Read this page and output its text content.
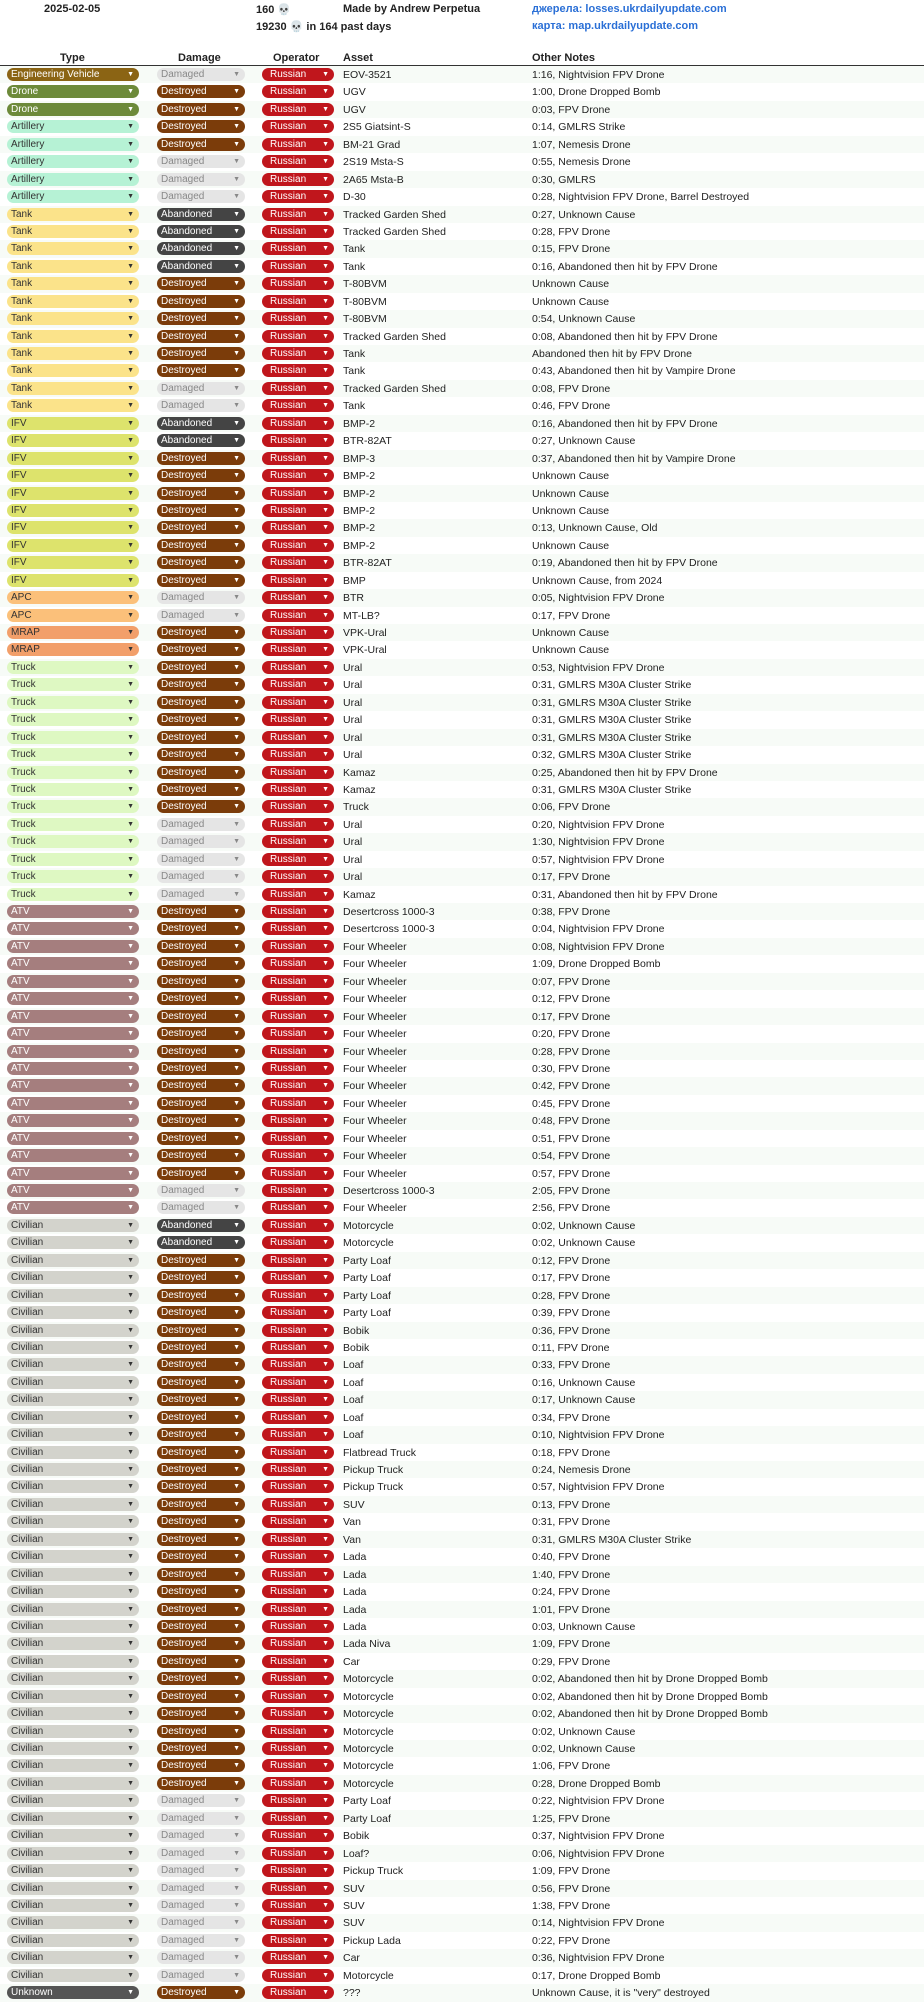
2025-02-05	160 💀	Made by Andrew Perpetua
19230 💀 in 164 past days
джерела: losses.ukrdailyupdate.com
карта: map.ukrdailyupdate.com
Type	Damage	Operator Asset	Other Notes
Engineering Vehicle	▼	Damaged	▼	Russian ▼ EOV-3521	1:16, Nightvision FPV Drone
Drone	▼	Destroyed	▼	Russian ▼ UGV	1:00, Drone Dropped Bomb
Drone	▼	Destroyed	▼	Russian ▼ UGV	0:03, FPV Drone
Artillery	▼	Destroyed	▼	Russian ▼ 2S5 Giatsint-S	0:14, GMLRS Strike
Artillery	▼	Destroyed	▼	Russian ▼ BM-21 Grad	1:07, Nemesis Drone
Artillery	▼	Damaged	▼	Russian ▼ 2S19 Msta-S	0:55, Nemesis Drone
Artillery	▼	Damaged	▼	Russian ▼ 2A65 Msta-B	0:30, GMLRS
Artillery	▼	Damaged	▼	Russian ▼ D-30	0:28, Nightvision FPV Drone, Barrel Destroyed
Tank	▼	Abandoned	▼	Russian ▼ Tracked Garden Shed	0:27, Unknown Cause
Tank	▼	Abandoned	▼	Russian ▼ Tracked Garden Shed	0:28, FPV Drone
Tank	▼	Abandoned	▼	Russian ▼ Tank	0:15, FPV Drone
Tank	▼	Abandoned	▼	Russian ▼ Tank	0:16, Abandoned then hit by FPV Drone
Tank	▼	Destroyed	▼	Russian ▼ T-80BVM	Unknown Cause
Tank	▼	Destroyed	▼	Russian ▼ T-80BVM	Unknown Cause
Tank	▼	Destroyed	▼	Russian ▼ T-80BVM	0:54, Unknown Cause
Tank	▼	Destroyed	▼	Russian ▼ Tracked Garden Shed	0:08, Abandoned then hit by FPV Drone
Tank	▼	Destroyed	▼	Russian ▼ Tank	Abandoned then hit by FPV Drone
Tank	▼	Destroyed	▼	Russian ▼ Tank	0:43, Abandoned then hit by Vampire Drone
Tank	▼	Damaged	▼	Russian ▼ Tracked Garden Shed	0:08, FPV Drone
Tank	▼	Damaged	▼	Russian ▼ Tank	0:46, FPV Drone
IFV	▼	Abandoned	▼	Russian ▼ BMP-2	0:16, Abandoned then hit by FPV Drone
IFV	▼	Abandoned	▼	Russian ▼ BTR-82AT	0:27, Unknown Cause
IFV	▼	Destroyed	▼	Russian ▼ BMP-3	0:37, Abandoned then hit by Vampire Drone
IFV	▼	Destroyed	▼	Russian ▼ BMP-2	Unknown Cause
IFV	▼	Destroyed	▼	Russian ▼ BMP-2	Unknown Cause
IFV	▼	Destroyed	▼	Russian ▼ BMP-2	Unknown Cause
IFV	▼	Destroyed	▼	Russian ▼ BMP-2	0:13, Unknown Cause, Old
IFV	▼	Destroyed	▼	Russian ▼ BMP-2	Unknown Cause
IFV	▼	Destroyed	▼	Russian ▼ BTR-82AT	0:19, Abandoned then hit by FPV Drone
IFV	▼	Destroyed	▼	Russian ▼ BMP	Unknown Cause, from 2024
APC	▼	Damaged	▼	Russian ▼ BTR	0:05, Nightvision FPV Drone
APC	▼	Damaged	▼	Russian ▼ MT-LB?	0:17, FPV Drone
MRAP	▼	Destroyed	▼	Russian ▼ VPK-Ural	Unknown Cause
MRAP	▼	Destroyed	▼	Russian ▼ VPK-Ural	Unknown Cause
Truck	▼	Destroyed	▼	Russian ▼ Ural	0:53, Nightvision FPV Drone
Truck	▼	Destroyed	▼	Russian ▼ Ural	0:31, GMLRS M30A Cluster Strike
Truck	▼	Destroyed	▼	Russian ▼ Ural	0:31, GMLRS M30A Cluster Strike
Truck	▼	Destroyed	▼	Russian ▼ Ural	0:31, GMLRS M30A Cluster Strike
Truck	▼	Destroyed	▼	Russian ▼ Ural	0:31, GMLRS M30A Cluster Strike
Truck	▼	Destroyed	▼	Russian ▼ Ural	0:32, GMLRS M30A Cluster Strike
Truck	▼	Destroyed	▼	Russian ▼ Kamaz	0:25, Abandoned then hit by FPV Drone
Truck	▼	Destroyed	▼	Russian ▼ Kamaz	0:31, GMLRS M30A Cluster Strike
Truck	▼	Destroyed	▼	Russian ▼ Truck	0:06, FPV Drone
Truck	▼	Damaged	▼	Russian ▼ Ural	0:20, Nightvision FPV Drone
Truck	▼	Damaged	▼	Russian ▼ Ural	1:30, Nightvision FPV Drone
Truck	▼	Damaged	▼	Russian ▼ Ural	0:57, Nightvision FPV Drone
Truck	▼	Damaged	▼	Russian ▼ Ural	0:17, FPV Drone
Truck	▼	Damaged	▼	Russian ▼ Kamaz	0:31, Abandoned then hit by FPV Drone
ATV	▼	Destroyed	▼	Russian ▼ Desertcross 1000-3	0:38, FPV Drone
ATV	▼	Destroyed	▼	Russian ▼ Desertcross 1000-3	0:04, Nightvision FPV Drone
ATV	▼	Destroyed	▼	Russian ▼ Four Wheeler	0:08, Nightvision FPV Drone
ATV	▼	Destroyed	▼	Russian ▼ Four Wheeler	1:09, Drone Dropped Bomb
ATV	▼	Destroyed	▼	Russian ▼ Four Wheeler	0:07, FPV Drone
ATV	▼	Destroyed	▼	Russian ▼ Four Wheeler	0:12, FPV Drone
ATV	▼	Destroyed	▼	Russian ▼ Four Wheeler	0:17, FPV Drone
ATV	▼	Destroyed	▼	Russian ▼ Four Wheeler	0:20, FPV Drone
ATV	▼	Destroyed	▼	Russian ▼ Four Wheeler	0:28, FPV Drone
ATV	▼	Destroyed	▼	Russian ▼ Four Wheeler	0:30, FPV Drone
ATV	▼	Destroyed	▼	Russian ▼ Four Wheeler	0:42, FPV Drone
ATV	▼	Destroyed	▼	Russian ▼ Four Wheeler	0:45, FPV Drone
ATV	▼	Destroyed	▼	Russian ▼ Four Wheeler	0:48, FPV Drone
ATV	▼	Destroyed	▼	Russian ▼ Four Wheeler	0:51, FPV Drone
ATV	▼	Destroyed	▼	Russian ▼ Four Wheeler	0:54, FPV Drone
ATV	▼	Destroyed	▼	Russian ▼ Four Wheeler	0:57, FPV Drone
ATV	▼	Damaged	▼	Russian ▼ Desertcross 1000-3	2:05, FPV Drone
ATV	▼	Damaged	▼	Russian ▼ Four Wheeler	2:56, FPV Drone
Civilian	▼	Abandoned	▼	Russian ▼ Motorcycle	0:02, Unknown Cause
Civilian	▼	Abandoned	▼	Russian ▼ Motorcycle	0:02, Unknown Cause
Civilian	▼	Destroyed	▼	Russian ▼ Party Loaf	0:12, FPV Drone
Civilian	▼	Destroyed	▼	Russian ▼ Party Loaf	0:17, FPV Drone
Civilian	▼	Destroyed	▼	Russian ▼ Party Loaf	0:28, FPV Drone
Civilian	▼	Destroyed	▼	Russian ▼ Party Loaf	0:39, FPV Drone
Civilian	▼	Destroyed	▼	Russian ▼ Bobik	0:36, FPV Drone
Civilian	▼	Destroyed	▼	Russian ▼ Bobik	0:11, FPV Drone
Civilian	▼	Destroyed	▼	Russian ▼ Loaf	0:33, FPV Drone
Civilian	▼	Destroyed	▼	Russian ▼ Loaf	0:16, Unknown Cause
Civilian	▼	Destroyed	▼	Russian ▼ Loaf	0:17, Unknown Cause
Civilian	▼	Destroyed	▼	Russian ▼ Loaf	0:34, FPV Drone
Civilian	▼	Destroyed	▼	Russian ▼ Loaf	0:10, Nightvision FPV Drone
Civilian	▼	Destroyed	▼	Russian ▼ Flatbread Truck	0:18, FPV Drone
Civilian	▼	Destroyed	▼	Russian ▼ Pickup Truck	0:24, Nemesis Drone
Civilian	▼	Destroyed	▼	Russian ▼ Pickup Truck	0:57, Nightvision FPV Drone
Civilian	▼	Destroyed	▼	Russian ▼ SUV	0:13, FPV Drone
Civilian	▼	Destroyed	▼	Russian ▼ Van	0:31, FPV Drone
Civilian	▼	Destroyed	▼	Russian ▼ Van	0:31, GMLRS M30A Cluster Strike
Civilian	▼	Destroyed	▼	Russian ▼ Lada	0:40, FPV Drone
Civilian	▼	Destroyed	▼	Russian ▼ Lada	1:40, FPV Drone
Civilian	▼	Destroyed	▼	Russian ▼ Lada	0:24, FPV Drone
Civilian	▼	Destroyed	▼	Russian ▼ Lada	1:01, FPV Drone
Civilian	▼	Destroyed	▼	Russian ▼ Lada	0:03, Unknown Cause
Civilian	▼	Destroyed	▼	Russian ▼ Lada Niva	1:09, FPV Drone
Civilian	▼	Destroyed	▼	Russian ▼ Car	0:29, FPV Drone
Civilian	▼	Destroyed	▼	Russian ▼ Motorcycle	0:02, Abandoned then hit by Drone Dropped Bomb
Civilian	▼	Destroyed	▼	Russian ▼ Motorcycle	0:02, Abandoned then hit by Drone Dropped Bomb
Civilian	▼	Destroyed	▼	Russian ▼ Motorcycle	0:02, Abandoned then hit by Drone Dropped Bomb
Civilian	▼	Destroyed	▼	Russian ▼ Motorcycle	0:02, Unknown Cause
Civilian	▼	Destroyed	▼	Russian ▼ Motorcycle	0:02, Unknown Cause
Civilian	▼	Destroyed	▼	Russian ▼ Motorcycle	1:06, FPV Drone
Civilian	▼	Destroyed	▼	Russian ▼ Motorcycle	0:28, Drone Dropped Bomb
Civilian	▼	Damaged	▼	Russian ▼ Party Loaf	0:22, Nightvision FPV Drone
Civilian	▼	Damaged	▼	Russian ▼ Party Loaf	1:25, FPV Drone
Civilian	▼	Damaged	▼	Russian ▼ Bobik	0:37, Nightvision FPV Drone
Civilian	▼	Damaged	▼	Russian ▼ Loaf?	0:06, Nightvision FPV Drone
Civilian	▼	Damaged	▼	Russian ▼ Pickup Truck	1:09, FPV Drone
Civilian	▼	Damaged	▼	Russian ▼ SUV	0:56, FPV Drone
Civilian	▼	Damaged	▼	Russian ▼ SUV	1:38, FPV Drone
Civilian	▼	Damaged	▼	Russian ▼ SUV	0:14, Nightvision FPV Drone
Civilian	▼	Damaged	▼	Russian ▼ Pickup Lada	0:22, FPV Drone
Civilian	▼	Damaged	▼	Russian ▼ Car	0:36, Nightvision FPV Drone
Civilian	▼	Damaged	▼	Russian ▼ Motorcycle	0:17, Drone Dropped Bomb
Unknown	▼	Destroyed	▼	Russian ▼ ???	Unknown Cause, it is "very" destroyed
